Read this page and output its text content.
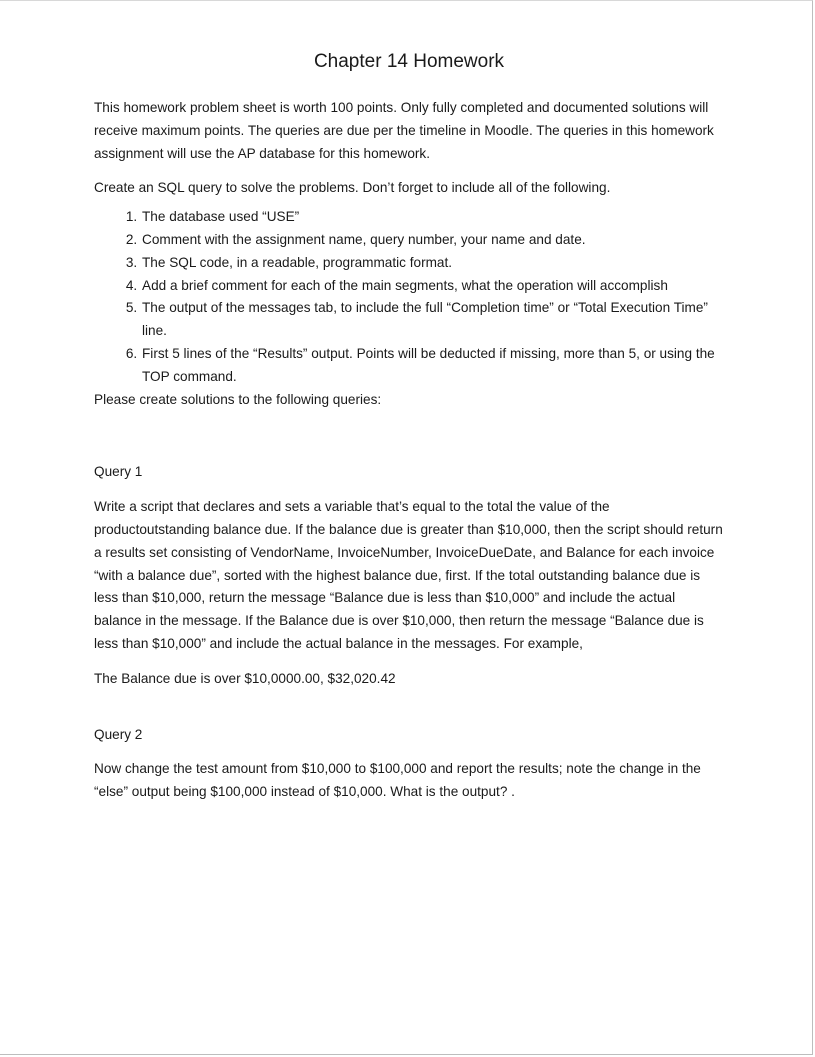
Chapter 14 Homework

This homework problem sheet is worth 100 points. Only fully completed and documented solutions will receive maximum points. The queries are due per the timeline in Moodle. The queries in this homework assignment will use the AP database for this homework.

Create an SQL query to solve the problems. Don’t forget to include all of the following.

1. The database used “USE”
2. Comment with the assignment name, query number, your name and date.
3. The SQL code, in a readable, programmatic format.
4. Add a brief comment for each of the main segments, what the operation will accomplish
5. The output of the messages tab, to include the full “Completion time” or “Total Execution Time” line.
6. First 5 lines of the “Results” output. Points will be deducted if missing, more than 5, or using the TOP command.

Please create solutions to the following queries:

Query 1

Write a script that declares and sets a variable that’s equal to the total the value of the productoutstanding balance due. If the balance due is greater than $10,000, then the script should return a results set consisting of VendorName, InvoiceNumber, InvoiceDueDate, and Balance for each invoice “with a balance due”, sorted with the highest balance due, first. If the total outstanding balance due is less than $10,000, return the message “Balance due is less than $10,000” and include the actual balance in the message. If the Balance due is over $10,000, then return the message “Balance due is less than $10,000” and include the actual balance in the messages. For example,

The Balance due is over $10,0000.00, $32,020.42

Query 2

Now change the test amount from $10,000 to $100,000 and report the results; note the change in the “else” output being $100,000 instead of $10,000. What is the output? .
